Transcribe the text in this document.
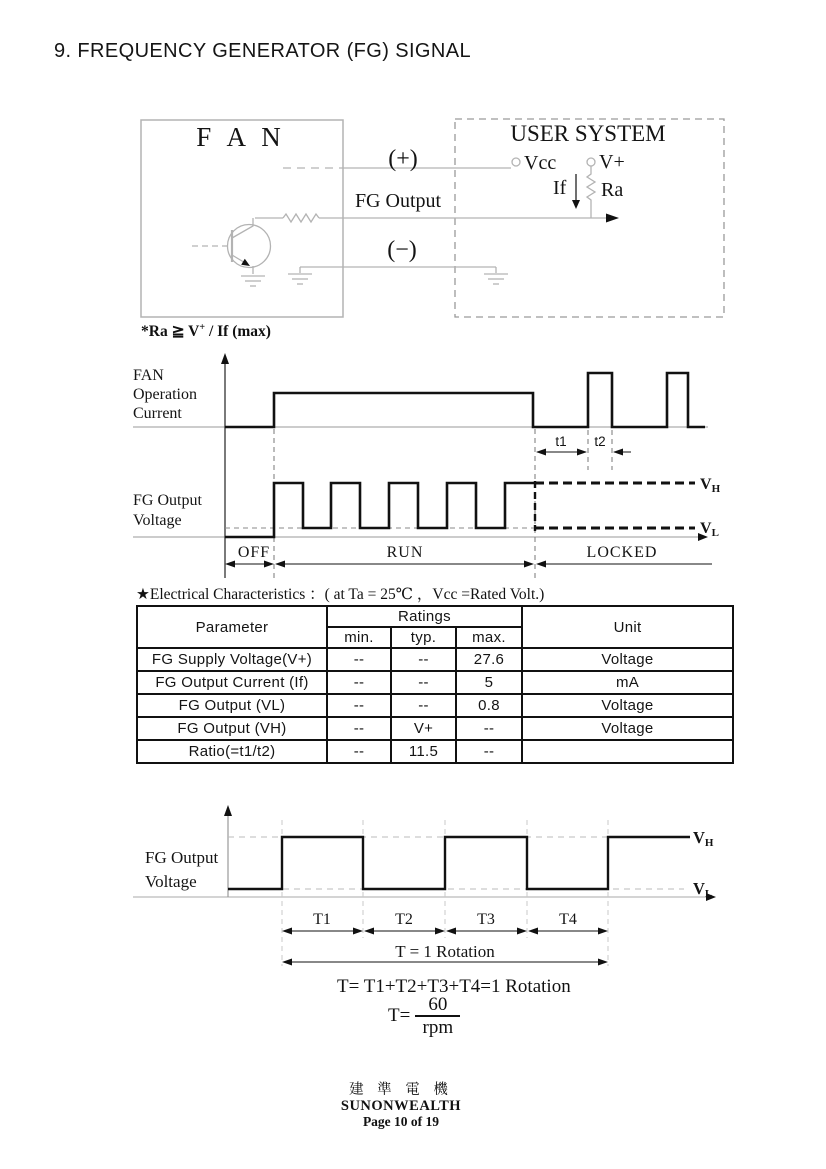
9. FREQUENCY GENERATOR (FG) SIGNAL
F A N	USER SYSTEM
(+)
FG Output
(−)
Vcc V+
If Ra
*Ra ≧ V+ / If (max)
t1 t2
FAN
Operation
Current
FG Output
Voltage
VH
VL
OFF	RUN	LOCKED
★Electrical Characteristics ：( at Ta = 25℃ ，Vcc =Rated Volt.)
Parameter	Ratings			Unit
	min.	typ.	max.	
FG Supply Voltage(V+)	--	--	27.6	Voltage
FG Output Current (If)	--	--	5	mA
FG Output (VL)	--	--	0.8	Voltage
FG Output (VH)	--	V+	--	Voltage
Ratio(=t1/t2)	--	11.5	--	
FG Output
Voltage
VH
VL
T1	T2	T3	T4
T = 1 Rotation
T= T1+T2+T3+T4=1 Rotation
$T= \frac{60}{\text{rpm}}$
建 準 電 機
SUNONWEALTH
Page 10 of 19
